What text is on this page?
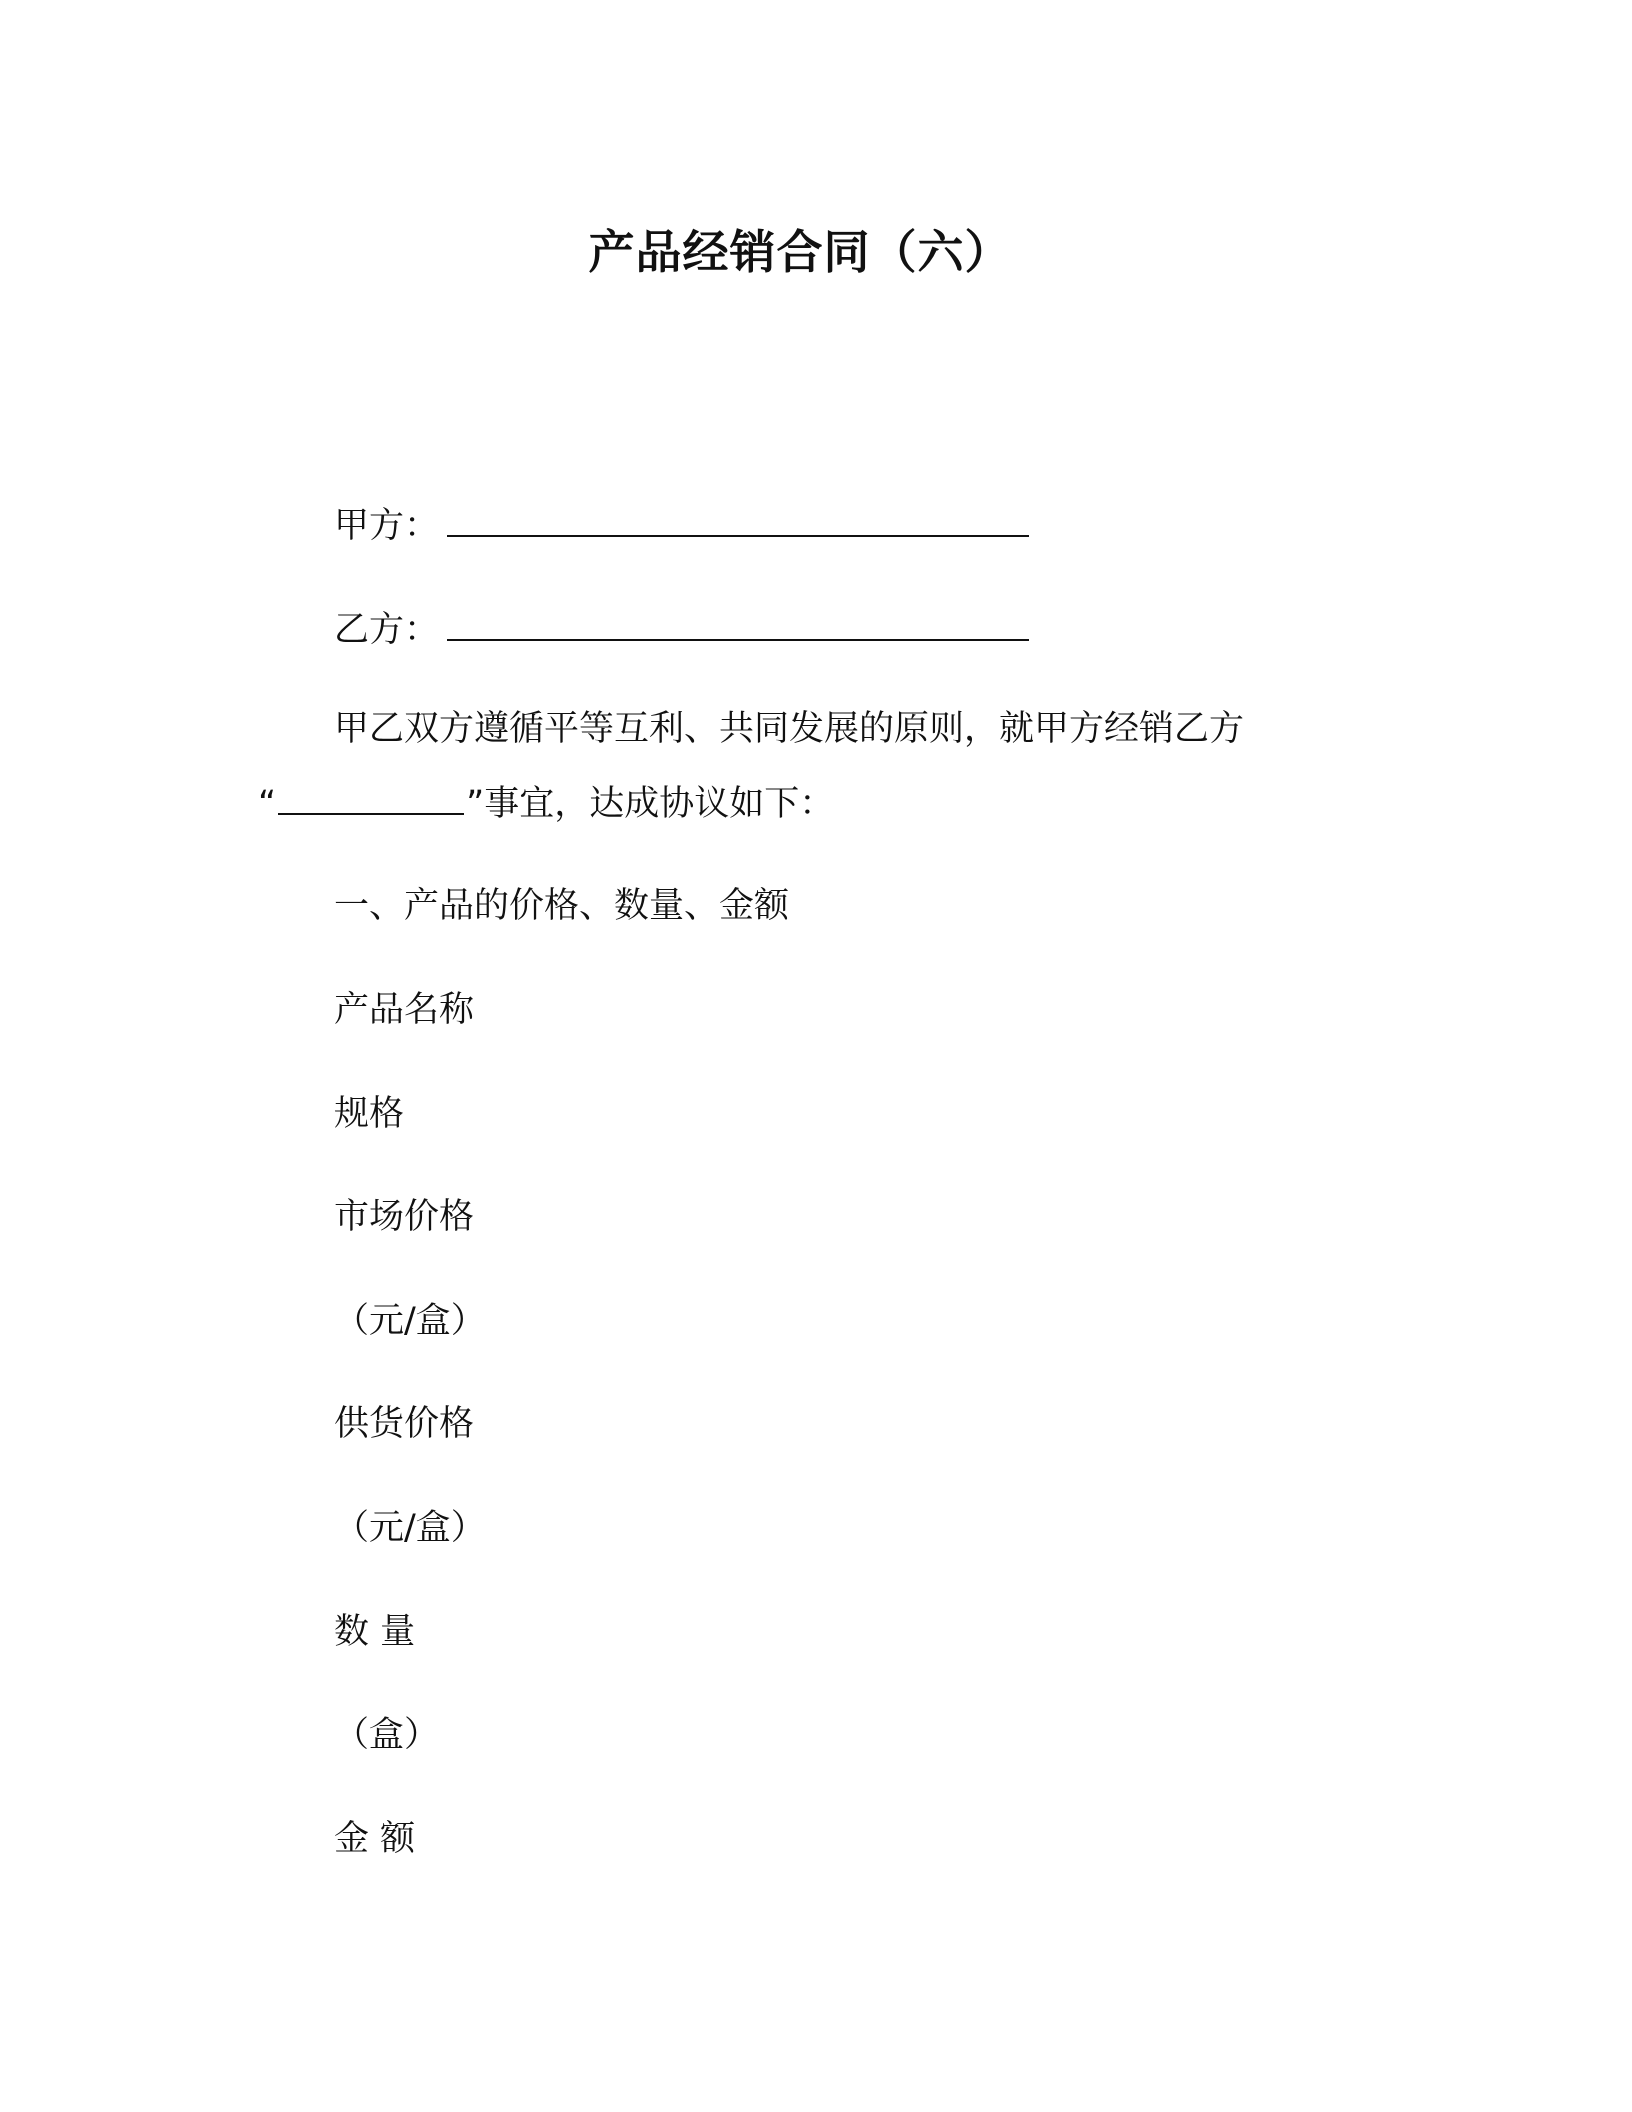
产品经销合同（六）
甲方：
乙方：
甲乙双方遵循平等互利、共同发展的原则，就甲方经销乙方
“	”事宜，达成协议如下：
一、产品的价格、数量、金额
产品名称
规格
市场价格
（元/盒）
供货价格
（元/盒）
数 量
（盒）
金 额
